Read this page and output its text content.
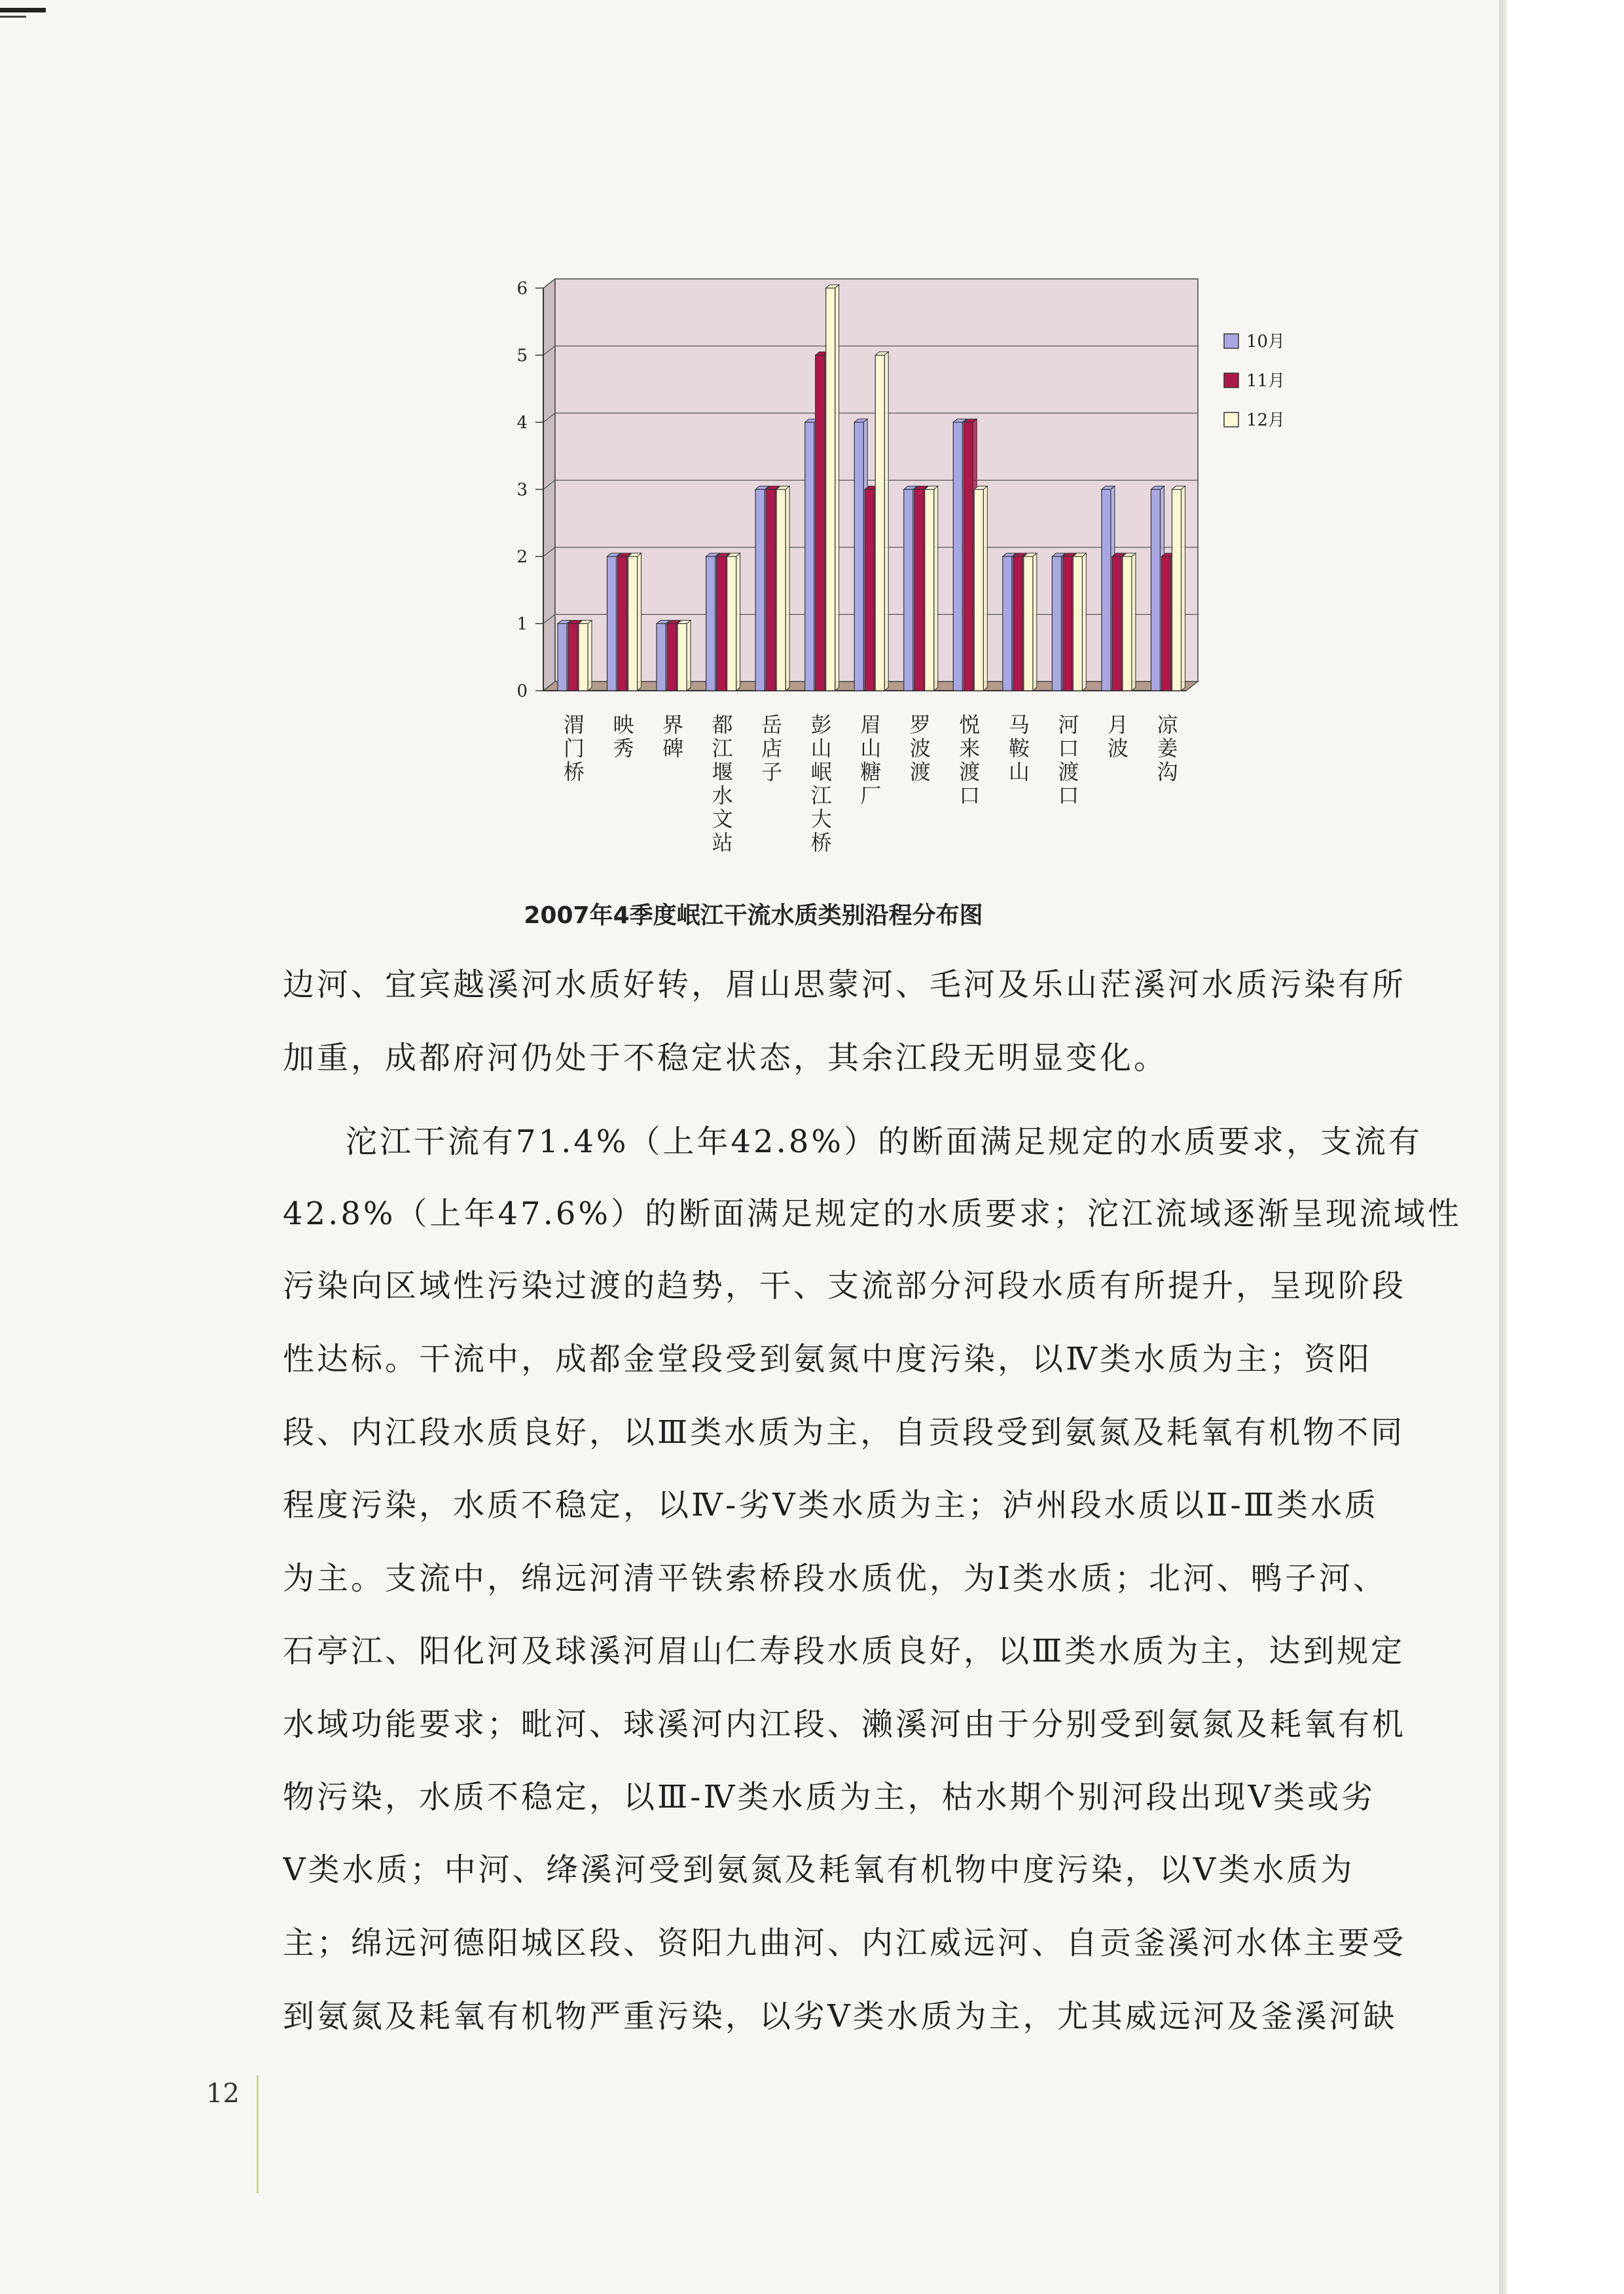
0
1
2
3
4
5
6
渭门桥 映秀 界碑 都江堰水文站 岳店子 彭山岷江大桥 眉山糖厂 罗波渡 悦来渡口 马鞍山 河口渡口 月波 凉姜沟
10月
11月
12月
2007年4季度岷江干流水质类别沿程分布图
边河、宜宾越溪河水质好转，眉山思蒙河、毛河及乐山茫溪河水质污染有所
加重，成都府河仍处于不稳定状态，其余江段无明显变化。
沱江干流有71.4%（上年42.8%）的断面满足规定的水质要求，支流有
42.8%（上年47.6%）的断面满足规定的水质要求；沱江流域逐渐呈现流域性
污染向区域性污染过渡的趋势，干、支流部分河段水质有所提升，呈现阶段
性达标。干流中，成都金堂段受到氨氮中度污染，以Ⅳ类水质为主；资阳
段、内江段水质良好，以Ⅲ类水质为主，自贡段受到氨氮及耗氧有机物不同
程度污染，水质不稳定，以Ⅳ-劣Ⅴ类水质为主；泸州段水质以Ⅱ-Ⅲ类水质
为主。支流中，绵远河清平铁索桥段水质优，为Ⅰ类水质；北河、鸭子河、
石亭江、阳化河及球溪河眉山仁寿段水质良好，以Ⅲ类水质为主，达到规定
水域功能要求；毗河、球溪河内江段、濑溪河由于分别受到氨氮及耗氧有机
物污染，水质不稳定，以Ⅲ-Ⅳ类水质为主，枯水期个别河段出现Ⅴ类或劣
Ⅴ类水质；中河、绛溪河受到氨氮及耗氧有机物中度污染，以Ⅴ类水质为
主；绵远河德阳城区段、资阳九曲河、内江威远河、自贡釜溪河水体主要受
到氨氮及耗氧有机物严重污染，以劣Ⅴ类水质为主，尤其威远河及釜溪河缺
12
